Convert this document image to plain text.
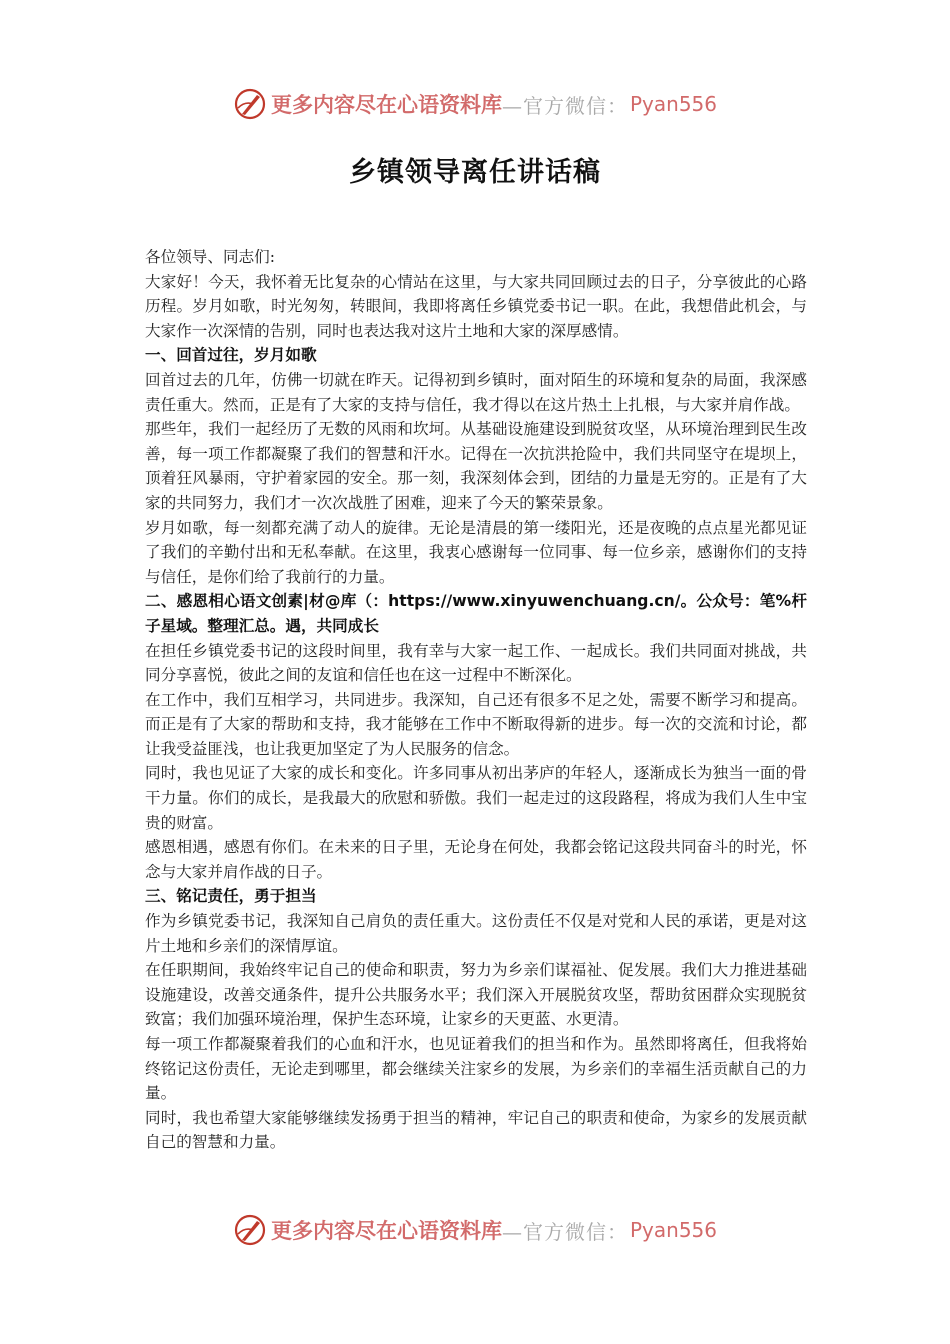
更多内容尽在心语资料库 —官方微信： Pyan556
乡镇领导离任讲话稿

各位领导、同志们:

大家好！今天，我怀着无比复杂的心情站在这里，与大家共同回顾过去的日子，分享彼此的心路历程。岁月如歌，时光匆匆，转眼间，我即将离任乡镇党委书记一职。在此，我想借此机会，与大家作一次深情的告别，同时也表达我对这片土地和大家的深厚感情。

一、回首过往，岁月如歌

回首过去的几年，仿佛一切就在昨天。记得初到乡镇时，面对陌生的环境和复杂的局面，我深感责任重大。然而，正是有了大家的支持与信任，我才得以在这片热土上扎根，与大家并肩作战。

那些年，我们一起经历了无数的风雨和坎坷。从基础设施建设到脱贫攻坚，从环境治理到民生改善，每一项工作都凝聚了我们的智慧和汗水。记得在一次抗洪抢险中，我们共同坚守在堤坝上，顶着狂风暴雨，守护着家园的安全。那一刻，我深刻体会到，团结的力量是无穷的。正是有了大家的共同努力，我们才一次次战胜了困难，迎来了今天的繁荣景象。

岁月如歌，每一刻都充满了动人的旋律。无论是清晨的第一缕阳光，还是夜晚的点点星光都见证了我们的辛勤付出和无私奉献。在这里，我衷心感谢每一位同事、每一位乡亲，感谢你们的支持与信任，是你们给了我前行的力量。

二、感恩相心语文创素|材@库（：https://www.xinyuwenchuang.cn/。公众号：笔%杆子星域。整理汇总。遇，共同成长

在担任乡镇党委书记的这段时间里，我有幸与大家一起工作、一起成长。我们共同面对挑战，共同分享喜悦，彼此之间的友谊和信任也在这一过程中不断深化。

在工作中，我们互相学习，共同进步。我深知，自己还有很多不足之处，需要不断学习和提高。而正是有了大家的帮助和支持，我才能够在工作中不断取得新的进步。每一次的交流和讨论，都让我受益匪浅，也让我更加坚定了为人民服务的信念。

同时，我也见证了大家的成长和变化。许多同事从初出茅庐的年轻人，逐渐成长为独当一面的骨干力量。你们的成长，是我最大的欣慰和骄傲。我们一起走过的这段路程，将成为我们人生中宝贵的财富。

感恩相遇，感恩有你们。在未来的日子里，无论身在何处，我都会铭记这段共同奋斗的时光，怀念与大家并肩作战的日子。

三、铭记责任，勇于担当

作为乡镇党委书记，我深知自己肩负的责任重大。这份责任不仅是对党和人民的承诺，更是对这片土地和乡亲们的深情厚谊。

在任职期间，我始终牢记自己的使命和职责，努力为乡亲们谋福祉、促发展。我们大力推进基础设施建设，改善交通条件，提升公共服务水平；我们深入开展脱贫攻坚，帮助贫困群众实现脱贫致富；我们加强环境治理，保护生态环境，让家乡的天更蓝、水更清。

每一项工作都凝聚着我们的心血和汗水，也见证着我们的担当和作为。虽然即将离任，但我将始终铭记这份责任，无论走到哪里，都会继续关注家乡的发展，为乡亲们的幸福生活贡献自己的力量。

同时，我也希望大家能够继续发扬勇于担当的精神，牢记自己的职责和使命，为家乡的发展贡献自己的智慧和力量。

更多内容尽在心语资料库 —官方微信： Pyan556
